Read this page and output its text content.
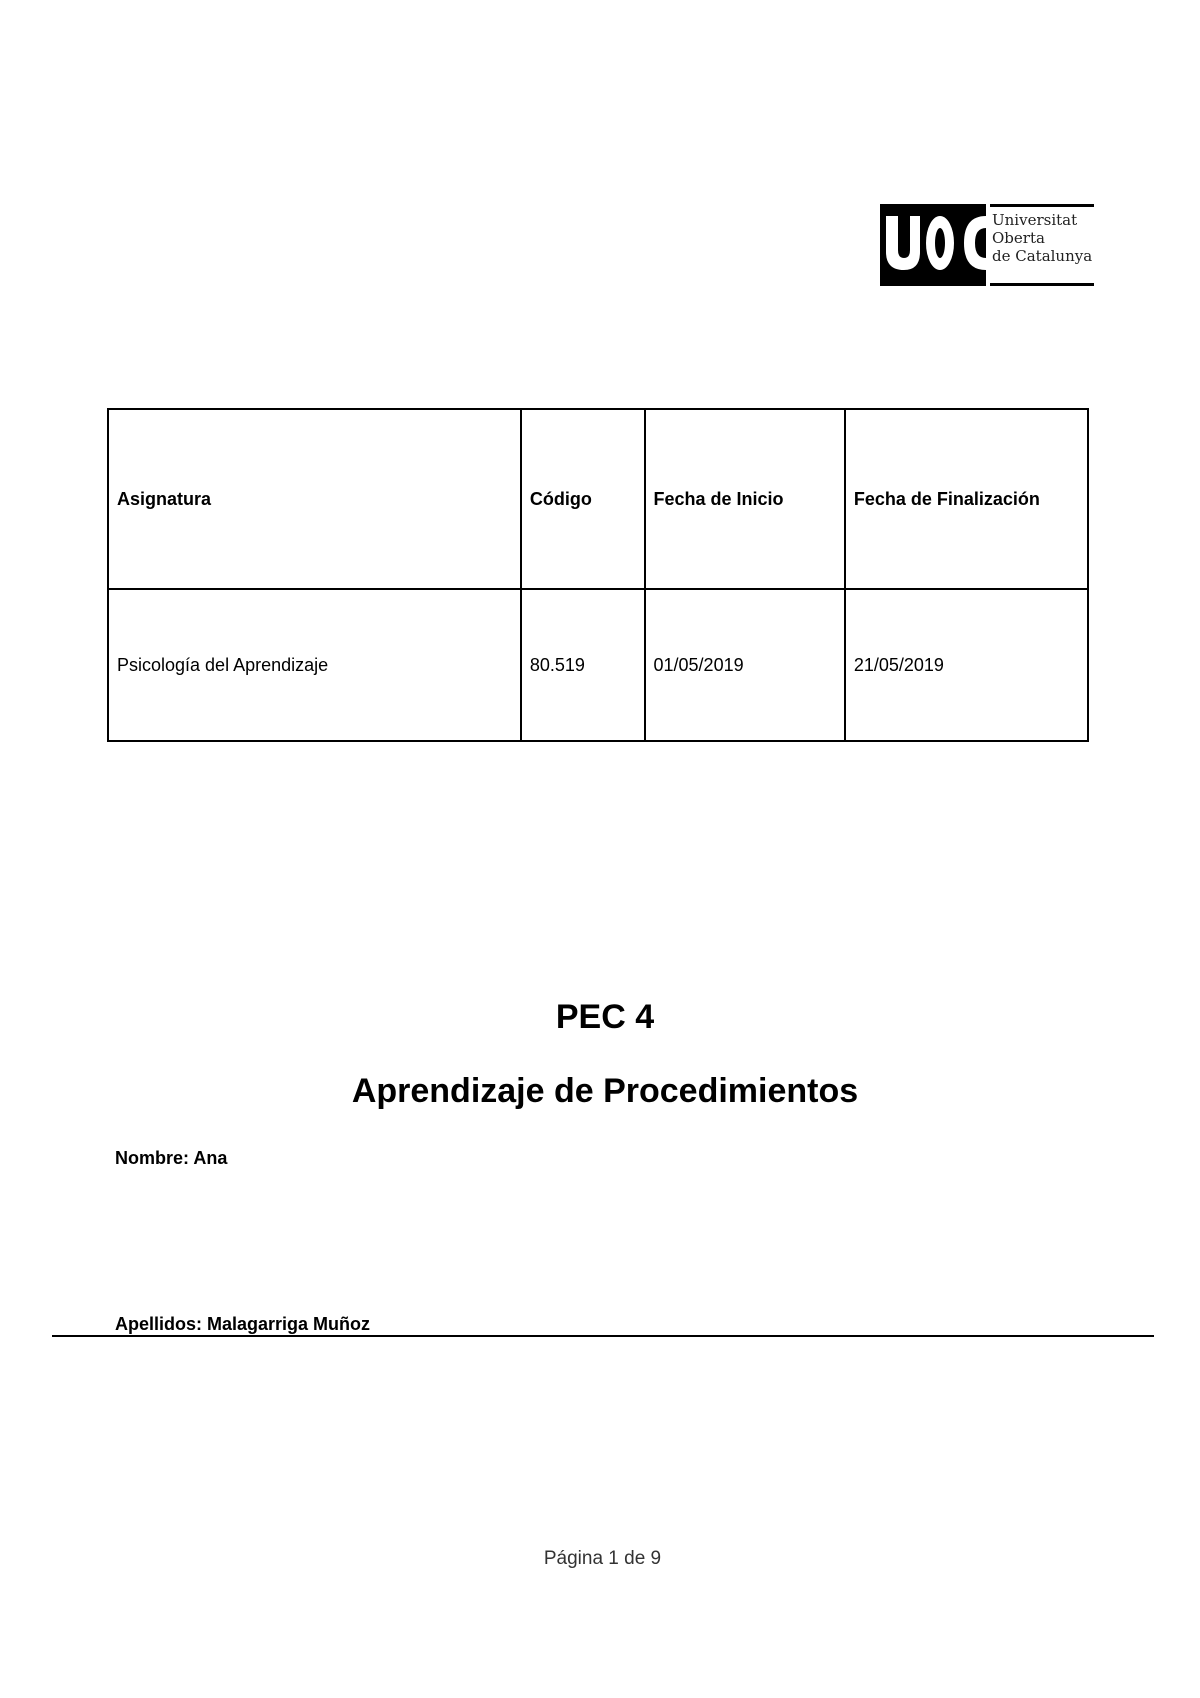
Universitat
Oberta
de Catalunya
Asignatura	Código	Fecha de Inicio	Fecha de Finalización
Psicología del Aprendizaje	80.519	01/05/2019	21/05/2019
PEC 4
Aprendizaje de Procedimientos
Nombre: Ana
Apellidos: Malagarriga Muñoz
Página 1 de 9
